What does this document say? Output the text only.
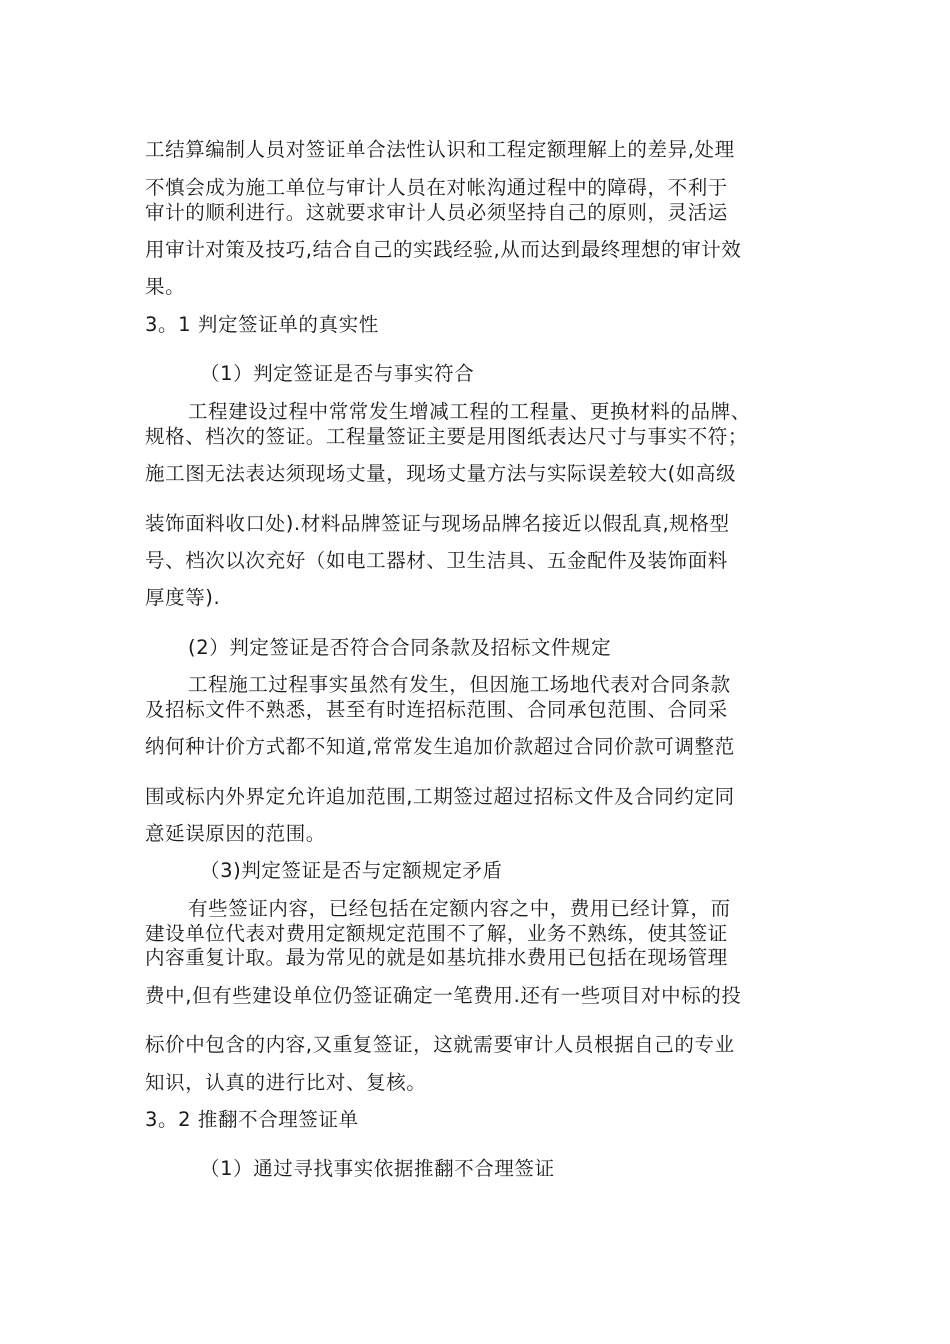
工结算编制人员对签证单合法性认识和工程定额理解上的差异,处理

不慎会成为施工单位与审计人员在对帐沟通过程中的障碍，不利于

审计的顺利进行。这就要求审计人员必须坚持自己的原则，灵活运

用审计对策及技巧,结合自己的实践经验,从而达到最终理想的审计效

果。

3。1 判定签证单的真实性

（1）判定签证是否与事实符合

工程建设过程中常常发生增减工程的工程量、更换材料的品牌、

规格、档次的签证。工程量签证主要是用图纸表达尺寸与事实不符；

施工图无法表达须现场丈量，现场丈量方法与实际误差较大(如高级

装饰面料收口处).材料品牌签证与现场品牌名接近以假乱真,规格型

号、档次以次充好（如电工器材、卫生洁具、五金配件及装饰面料

厚度等).

(2）判定签证是否符合合同条款及招标文件规定

工程施工过程事实虽然有发生，但因施工场地代表对合同条款

及招标文件不熟悉，甚至有时连招标范围、合同承包范围、合同采

纳何种计价方式都不知道,常常发生追加价款超过合同价款可调整范

围或标内外界定允许追加范围,工期签过超过招标文件及合同约定同

意延误原因的范围。

（3)判定签证是否与定额规定矛盾

有些签证内容，已经包括在定额内容之中，费用已经计算，而

建设单位代表对费用定额规定范围不了解，业务不熟练，使其签证

内容重复计取。最为常见的就是如基坑排水费用已包括在现场管理

费中,但有些建设单位仍签证确定一笔费用.还有一些项目对中标的投

标价中包含的内容,又重复签证，这就需要审计人员根据自己的专业

知识，认真的进行比对、复核。

3。2 推翻不合理签证单

（1）通过寻找事实依据推翻不合理签证
